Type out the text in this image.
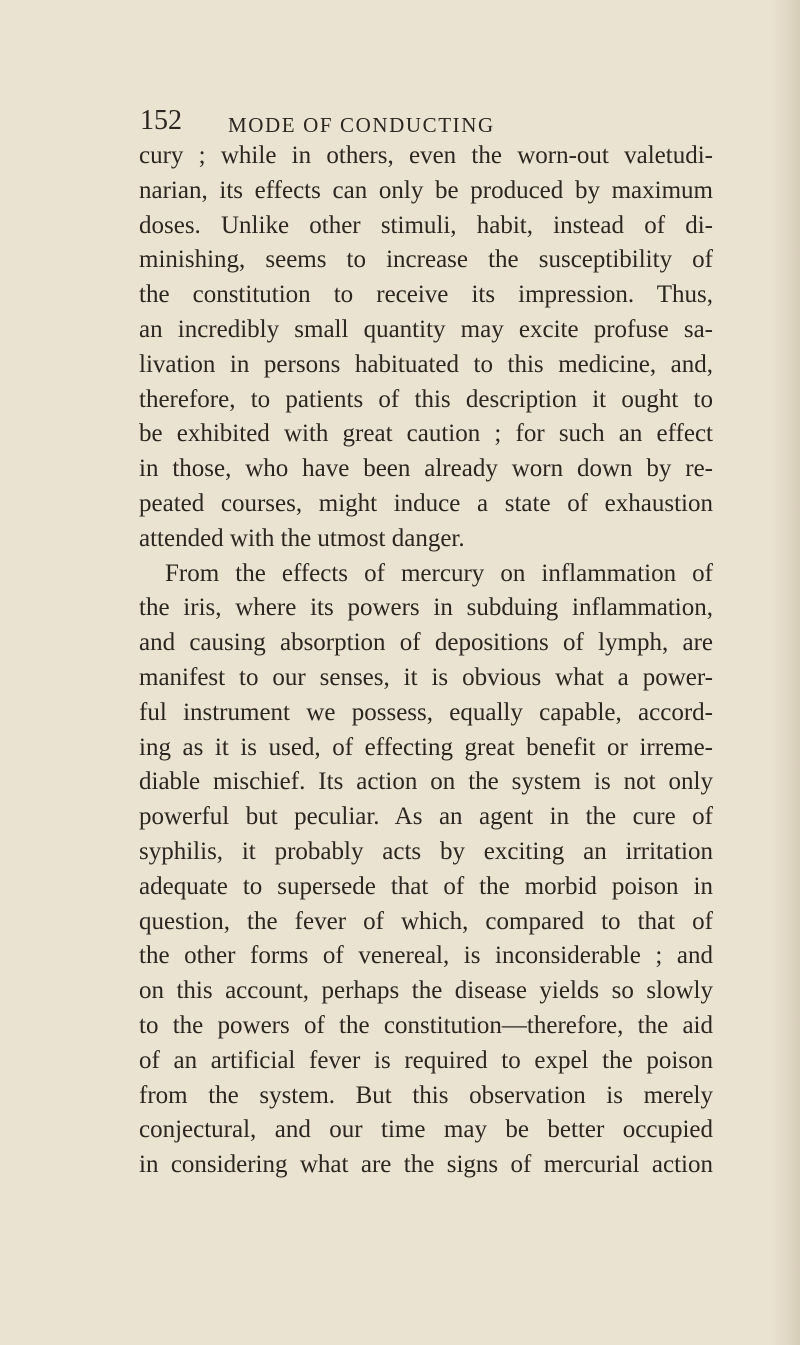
152 MODE OF CONDUCTING
cury ; while in others, even the worn-out valetudi-
narian, its effects can only be produced by maximum
doses. Unlike other stimuli, habit, instead of di-
minishing, seems to increase the susceptibility of
the constitution to receive its impression. Thus,
an incredibly small quantity may excite profuse sa-
livation in persons habituated to this medicine, and,
therefore, to patients of this description it ought to
be exhibited with great caution ; for such an effect
in those, who have been already worn down by re-
peated courses, might induce a state of exhaustion
attended with the utmost danger.
From the effects of mercury on inflammation of
the iris, where its powers in subduing inflammation,
and causing absorption of depositions of lymph, are
manifest to our senses, it is obvious what a power-
ful instrument we possess, equally capable, accord-
ing as it is used, of effecting great benefit or irreme-
diable mischief. Its action on the system is not only
powerful but peculiar. As an agent in the cure of
syphilis, it probably acts by exciting an irritation
adequate to supersede that of the morbid poison in
question, the fever of which, compared to that of
the other forms of venereal, is inconsiderable ; and
on this account, perhaps the disease yields so slowly
to the powers of the constitution—therefore, the aid
of an artificial fever is required to expel the poison
from the system. But this observation is merely
conjectural, and our time may be better occupied
in considering what are the signs of mercurial action
